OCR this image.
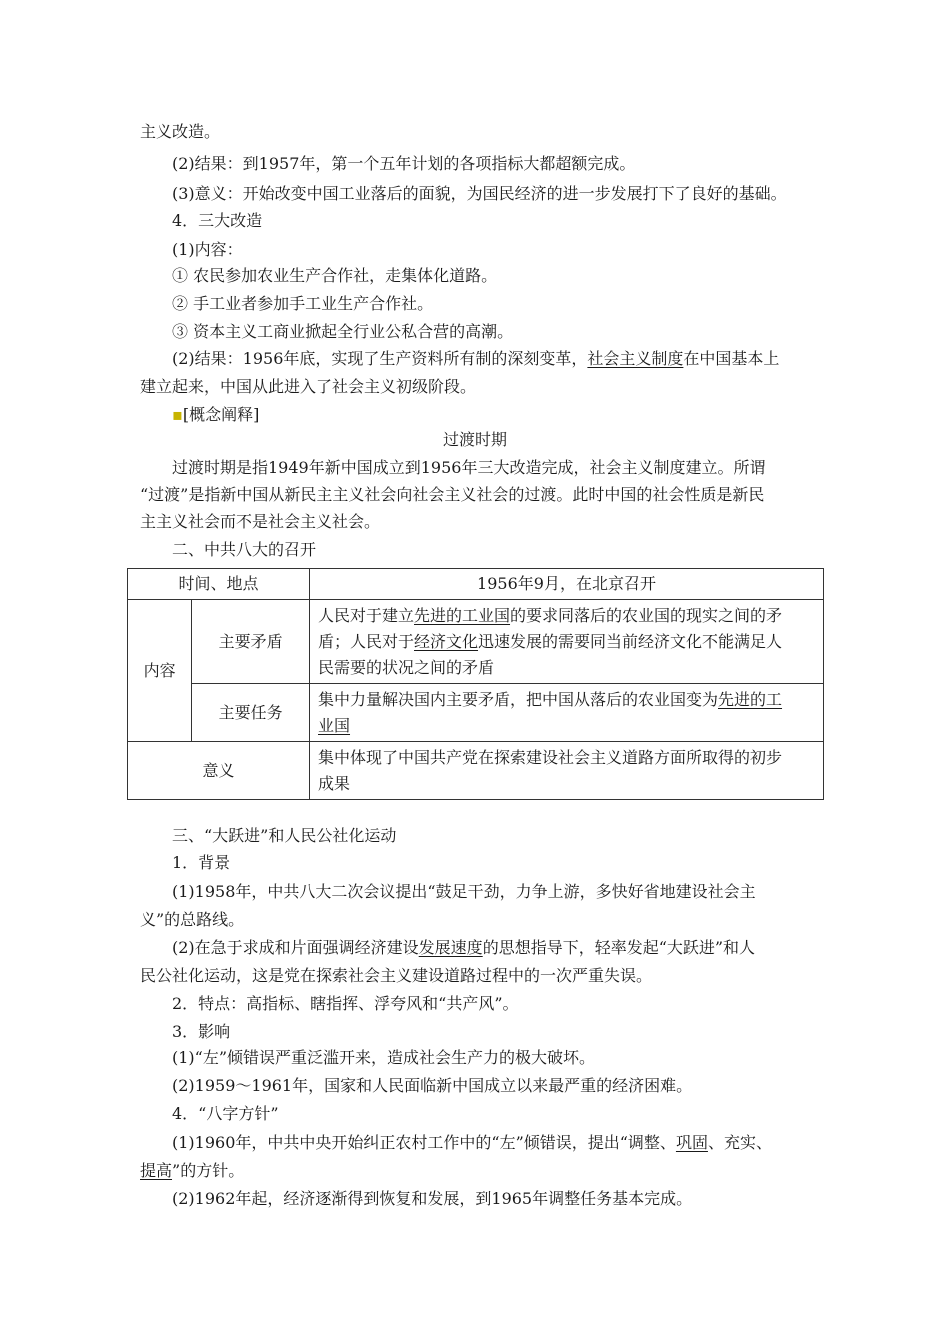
主义改造。
(2)结果：到1957年，第一个五年计划的各项指标大都超额完成。
(3)意义：开始改变中国工业落后的面貌，为国民经济的进一步发展打下了良好的基础。
4．三大改造
(1)内容：
① 农民参加农业生产合作社，走集体化道路。
② 手工业者参加手工业生产合作社。
③ 资本主义工商业掀起全行业公私合营的高潮。
(2)结果：1956年底，实现了生产资料所有制的深刻变革，社会主义制度在中国基本上
建立起来，中国从此进入了社会主义初级阶段。
▪[概念阐释]
过渡时期
过渡时期是指1949年新中国成立到1956年三大改造完成，社会主义制度建立。所谓
“过渡”是指新中国从新民主主义社会向社会主义社会的过渡。此时中国的社会性质是新民
主主义社会而不是社会主义社会。
二、中共八大的召开
时间、地点		1956年9月，在北京召开
内容	主要矛盾	人民对于建立先进的工业国的要求同落后的农业国的现实之间的矛
盾；人民对于经济文化迅速发展的需要同当前经济文化不能满足人
民需要的状况之间的矛盾

	主要任务	集中力量解决国内主要矛盾，把中国从落后的农业国变为先进的工
业国

意义		集中体现了中国共产党在探索建设社会主义道路方面所取得的初步
成果
三、“大跃进”和人民公社化运动
1．背景
(1)1958年，中共八大二次会议提出“鼓足干劲，力争上游，多快好省地建设社会主
义”的总路线。
(2)在急于求成和片面强调经济建设发展速度的思想指导下，轻率发起“大跃进”和人
民公社化运动，这是党在探索社会主义建设道路过程中的一次严重失误。
2．特点：高指标、瞎指挥、浮夸风和“共产风”。
3．影响
(1)“左”倾错误严重泛滥开来，造成社会生产力的极大破坏。
(2)1959～1961年，国家和人民面临新中国成立以来最严重的经济困难。
4．“八字方针”
(1)1960年，中共中央开始纠正农村工作中的“左”倾错误，提出“调整、巩固、充实、
提高”的方针。
(2)1962年起，经济逐渐得到恢复和发展，到1965年调整任务基本完成。
